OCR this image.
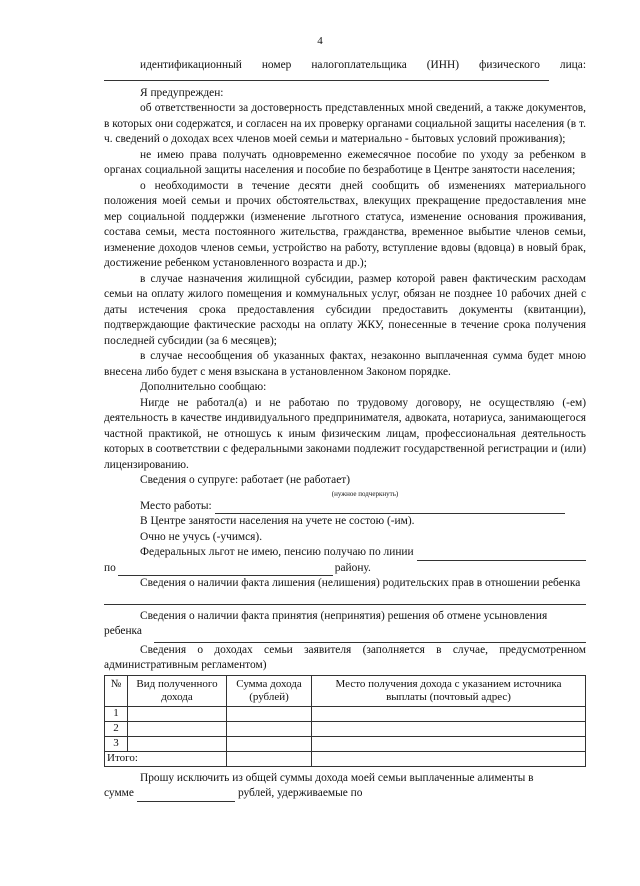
4
идентификационный номер налогоплательщика (ИНН) физического лица:

Я предупрежден:

об ответственности за достоверность представленных мной сведений, а также документов, в которых они содержатся, и согласен на их проверку органами социальной защиты населения (в т. ч. сведений о доходах всех членов моей семьи и материально - бытовых условий проживания);

не имею права получать одновременно ежемесячное пособие по уходу за ребенком в органах социальной защиты населения и пособие по безработице в Центре занятости населения;

о необходимости в течение десяти дней сообщить об изменениях материального положения моей семьи и прочих обстоятельствах, влекущих прекращение предоставления мне мер социальной поддержки (изменение льготного статуса, изменение основания проживания, состава семьи, места постоянного жительства, гражданства, временное выбытие членов семьи, изменение доходов членов семьи, устройство на работу, вступление вдовы (вдовца) в новый брак, достижение ребенком установленного возраста и др.);

в случае назначения жилищной субсидии, размер которой равен фактическим расходам семьи на оплату жилого помещения и коммунальных услуг, обязан не позднее 10 рабочих дней с даты истечения срока предоставления субсидии предоставить документы (квитанции), подтверждающие фактические расходы на оплату ЖКУ, понесенные в течение срока получения последней субсидии (за 6 месяцев);

в случае несообщения об указанных фактах, незаконно выплаченная сумма будет мною внесена либо будет с меня взыскана в установленном Законом порядке.

Дополнительно сообщаю:

Нигде не работал(а) и не работаю по трудовому договору, не осуществляю (-ем) деятельность в качестве индивидуального предпринимателя, адвоката, нотариуса, занимающегося частной практикой, не отношусь к иным физическим лицам, профессиональная деятельность которых в соответствии с федеральными законами подлежит государственной регистрации и (или) лицензированию.

Сведения о супруге: работает (не работает)

(нужное подчеркнуть)
Место работы:

В Центре занятости населения на учете не состою (-им).

Очно не учусь (-учимся).

Федеральных льгот не имею, пенсию получаю по линии
по	району.

Сведения о наличии факта лишения (нелишения) родительских прав в отношении ребенка

Сведения о наличии факта принятия (непринятия) решения об отмене усыновления ребенка

Сведения о доходах семьи заявителя (заполняется в случае, предусмотренном административным регламентом)

№	Вид полученного дохода	Сумма дохода (рублей)	Место получения дохода с указанием источника выплаты (почтовый адрес)
1			
2			
3			
Итого:			

Прошу исключить из общей суммы дохода моей семьи выплаченные алименты в

сумме	рублей, удерживаемые по
